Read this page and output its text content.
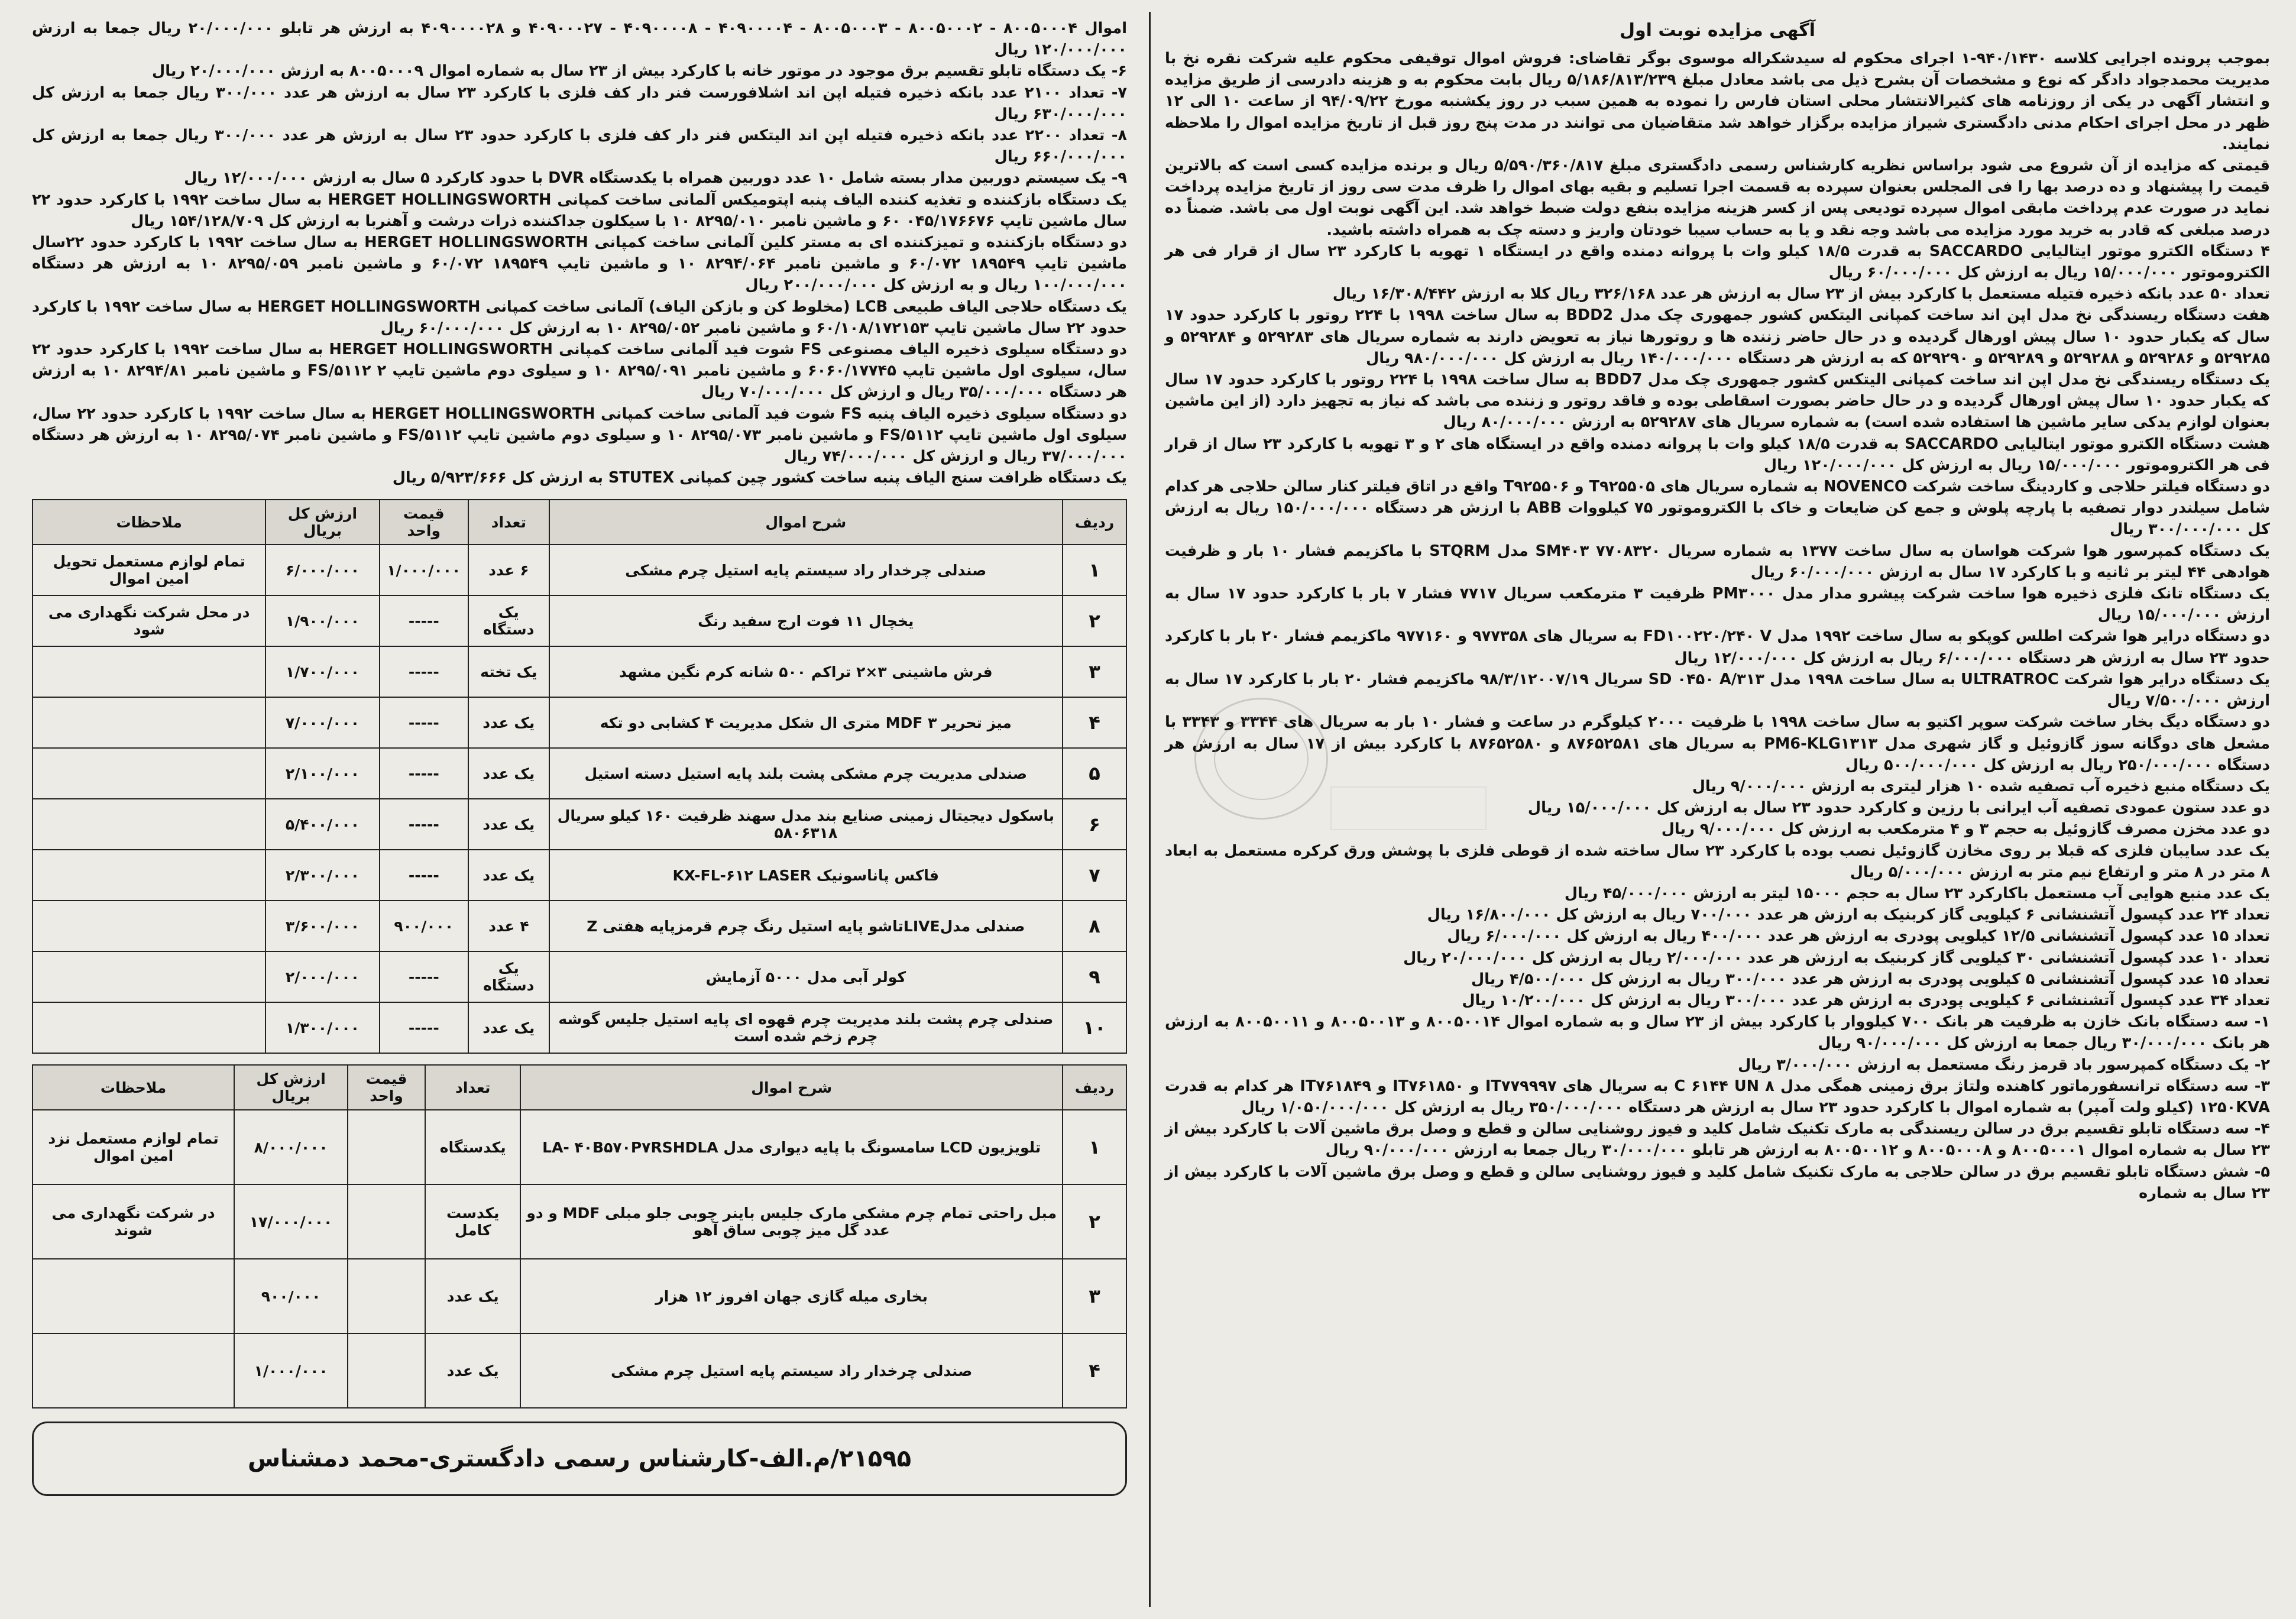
آگهی مزایده نوبت اول

بموجب پرونده اجرایی کلاسه ۹۴۰/۱۴۳۰-۱ اجرای محکوم له سیدشکراله موسوی بوگر تقاضای: فروش اموال توقیفی محکوم علیه شرکت نقره نخ با مدیریت محمدجواد دادگر که نوع و مشخصات آن بشرح ذیل می باشد معادل مبلغ ۵/۱۸۶/۸۱۳/۲۳۹ ریال بابت محکوم به و هزینه دادرسی از طریق مزایده و انتشار آگهی در یکی از روزنامه های کثیرالانتشار محلی استان فارس را نموده به همین سبب در روز یکشنبه مورخ ۹۴/۰۹/۲۲ از ساعت ۱۰ الی ۱۲ ظهر در محل اجرای احکام مدنی دادگستری شیراز مزایده برگزار خواهد شد متقاضیان می توانند در مدت پنج روز قبل از تاریخ مزایده اموال را ملاحظه نمایند.

قیمتی که مزایده از آن شروع می شود براساس نظریه کارشناس رسمی دادگستری مبلغ ۵/۵۹۰/۳۶۰/۸۱۷ ریال و برنده مزایده کسی است که بالاترین قیمت را پیشنهاد و ده درصد بها را فی المجلس بعنوان سپرده به قسمت اجرا تسلیم و بقیه بهای اموال را ظرف مدت سی روز از تاریخ مزایده پرداخت نماید در صورت عدم پرداخت مابقی اموال سپرده تودیعی پس از کسر هزینه مزایده بنفع دولت ضبط خواهد شد. این آگهی نوبت اول می باشد. ضمناً ده درصد مبلغی که قادر به خرید مورد مزایده می باشد وجه نقد و یا به حساب سیبا خودتان واریز و دسته چک به همراه داشته باشید.

۴ دستگاه الکترو موتور ایتالیایی SACCARDO به قدرت ۱۸/۵ کیلو وات با پروانه دمنده واقع در ایستگاه ۱ تهویه با کارکرد ۲۳ سال از قرار فی هر الکتروموتور ۱۵/۰۰۰/۰۰۰ ریال به ارزش کل ۶۰/۰۰۰/۰۰۰ ریال

تعداد ۵۰ عدد بانکه ذخیره فتیله مستعمل با کارکرد بیش از ۲۳ سال به ارزش هر عدد ۳۲۶/۱۶۸ ریال کلا به ارزش ۱۶/۳۰۸/۴۴۲ ریال

هفت دستگاه ریسندگی نخ مدل اپن اند ساخت کمپانی الیتکس کشور جمهوری چک مدل BDD2 به سال ساخت ۱۹۹۸ با ۲۲۴ روتور با کارکرد حدود ۱۷ سال که یکبار حدود ۱۰ سال پیش اورهال گردیده و در حال حاضر زننده ها و روتورها نیاز به تعویض دارند به شماره سریال های ۵۲۹۲۸۳ و ۵۲۹۲۸۴ و ۵۲۹۲۸۵ و ۵۲۹۲۸۶ و ۵۲۹۲۸۸ و ۵۲۹۲۸۹ و ۵۲۹۲۹۰ که به ارزش هر دستگاه ۱۴۰/۰۰۰/۰۰۰ ریال به ارزش کل ۹۸۰/۰۰۰/۰۰۰ ریال

یک دستگاه ریسندگی نخ مدل اپن اند ساخت کمپانی الیتکس کشور جمهوری چک مدل BDD7 به سال ساخت ۱۹۹۸ با ۲۲۴ روتور با کارکرد حدود ۱۷ سال که یکبار حدود ۱۰ سال پیش اورهال گردیده و در حال حاضر بصورت اسقاطی بوده و فاقد روتور و زننده می باشد که نیاز به تجهیز دارد (از این ماشین بعنوان لوازم یدکی سایر ماشین ها استفاده شده است) به شماره سریال های ۵۲۹۲۸۷ به ارزش ۸۰/۰۰۰/۰۰۰ ریال

هشت دستگاه الکترو موتور ایتالیایی SACCARDO به قدرت ۱۸/۵ کیلو وات با پروانه دمنده واقع در ایستگاه های ۲ و ۳ تهویه با کارکرد ۲۳ سال از قرار فی هر الکتروموتور ۱۵/۰۰۰/۰۰۰ ریال به ارزش کل ۱۲۰/۰۰۰/۰۰۰ ریال

دو دستگاه فیلتر حلاجی و کاردینگ ساخت شرکت NOVENCO به شماره سریال های T۹۲۵۵۰۵ و T۹۲۵۵۰۶ واقع در اتاق فیلتر کنار سالن حلاجی هر کدام شامل سیلندر دوار تصفیه با پارچه پلوش و جمع کن ضایعات و خاک با الکتروموتور ۷۵ کیلووات ABB با ارزش هر دستگاه ۱۵۰/۰۰۰/۰۰۰ ریال به ارزش کل ۳۰۰/۰۰۰/۰۰۰ ریال

یک دستگاه کمپرسور هوا شرکت هواسان به سال ساخت ۱۳۷۷ به شماره سریال ۷۷۰۸۳۲۰ SM۴۰۳ مدل STQRM با ماکزیمم فشار ۱۰ بار و ظرفیت هوادهی ۴۴ لیتر بر ثانیه و با کارکرد ۱۷ سال به ارزش ۶۰/۰۰۰/۰۰۰ ریال

یک دستگاه تانک فلزی ذخیره هوا ساخت شرکت پیشرو مدار مدل PM۳۰۰۰ ظرفیت ۳ مترمکعب سریال ۷۷۱۷ فشار ۷ بار با کارکرد حدود ۱۷ سال به ارزش ۱۵/۰۰۰/۰۰۰ ریال

دو دستگاه درایر هوا شرکت اطلس کوپکو به سال ساخت ۱۹۹۲ مدل FD۱۰۰۲۲۰/۲۴۰ V به سریال های ۹۷۷۳۵۸ و ۹۷۷۱۶۰ ماکزیمم فشار ۲۰ بار با کارکرد حدود ۲۳ سال به ارزش هر دستگاه ۶/۰۰۰/۰۰۰ ریال به ارزش کل ۱۲/۰۰۰/۰۰۰ ریال

یک دستگاه درایر هوا شرکت ULTRATROC به سال ساخت ۱۹۹۸ مدل SD ۰۴۵۰ A/۳۱۳ سریال ۹۸/۳/۱۲۰۰۷/۱۹ ماکزیمم فشار ۲۰ بار با کارکرد ۱۷ سال به ارزش ۷/۵۰۰/۰۰۰ ریال

دو دستگاه دیگ بخار ساخت شرکت سوپر اکتیو به سال ساخت ۱۹۹۸ با ظرفیت ۲۰۰۰ کیلوگرم در ساعت و فشار ۱۰ بار به سریال های ۳۳۴۴ و ۳۳۴۳ با مشعل های دوگانه سوز گازوئیل و گاز شهری مدل PM6-KLG۱۳۱۳ به سریال های ۸۷۶۵۲۵۸۱ و ۸۷۶۵۲۵۸۰ با کارکرد بیش از ۱۷ سال به ارزش هر دستگاه ۲۵۰/۰۰۰/۰۰۰ ریال به ارزش کل ۵۰۰/۰۰۰/۰۰۰ ریال

یک دستگاه منبع ذخیره آب تصفیه شده ۱۰ هزار لیتری به ارزش ۹/۰۰۰/۰۰۰ ریال

دو عدد ستون عمودی تصفیه آب ایرانی با رزین و کارکرد حدود ۲۳ سال به ارزش کل ۱۵/۰۰۰/۰۰۰ ریال

دو عدد مخزن مصرف گازوئیل به حجم ۳ و ۴ مترمکعب به ارزش کل ۹/۰۰۰/۰۰۰ ریال

یک عدد سایبان فلزی که قبلا بر روی مخازن گازوئیل نصب بوده با کارکرد ۲۳ سال ساخته شده از قوطی فلزی با پوشش ورق کرکره مستعمل به ابعاد ۸ متر در ۸ متر و ارتفاع نیم متر به ارزش ۵/۰۰۰/۰۰۰ ریال

یک عدد منبع هوایی آب مستعمل باکارکرد ۲۳ سال به حجم ۱۵۰۰۰ لیتر به ارزش ۴۵/۰۰۰/۰۰۰ ریال

تعداد ۲۴ عدد کپسول آتشنشانی ۶ کیلویی گاز کربنیک به ارزش هر عدد ۷۰۰/۰۰۰ ریال به ارزش کل ۱۶/۸۰۰/۰۰۰ ریال

تعداد ۱۵ عدد کپسول آتشنشانی ۱۲/۵ کیلویی پودری به ارزش هر عدد ۴۰۰/۰۰۰ ریال به ارزش کل ۶/۰۰۰/۰۰۰ ریال

تعداد ۱۰ عدد کپسول آتشنشانی ۳۰ کیلویی گاز کربنیک به ارزش هر عدد ۲/۰۰۰/۰۰۰ ریال به ارزش کل ۲۰/۰۰۰/۰۰۰ ریال

تعداد ۱۵ عدد کپسول آتشنشانی ۵ کیلویی پودری به ارزش هر عدد ۳۰۰/۰۰۰ ریال به ارزش کل ۴/۵۰۰/۰۰۰ ریال

تعداد ۳۴ عدد کپسول آتشنشانی ۶ کیلویی پودری به ارزش هر عدد ۳۰۰/۰۰۰ ریال به ارزش کل ۱۰/۲۰۰/۰۰۰ ریال

۱- سه دستگاه بانک خازن به ظرفیت هر بانک ۷۰۰ کیلووار با کارکرد بیش از ۲۳ سال و به شماره اموال ۸۰۰۵۰۰۱۴ و ۸۰۰۵۰۰۱۳ و ۸۰۰۵۰۰۱۱ به ارزش هر بانک ۳۰/۰۰۰/۰۰۰ ریال جمعا به ارزش کل ۹۰/۰۰۰/۰۰۰ ریال

۲- یک دستگاه کمپرسور باد قرمز رنگ مستعمل به ارزش ۳/۰۰۰/۰۰۰ ریال

۳- سه دستگاه ترانسفورماتور کاهنده ولتاژ برق زمینی همگی مدل C ۶۱۴۴ UN ۸ به سریال های IT۷۷۹۹۹۷ و IT۷۶۱۸۵۰ و IT۷۶۱۸۴۹ هر کدام به قدرت ۱۲۵۰KVA (کیلو ولت آمپر) به شماره اموال با کارکرد حدود ۲۳ سال به ارزش هر دستگاه ۳۵۰/۰۰۰/۰۰۰ ریال به ارزش کل ۱/۰۵۰/۰۰۰/۰۰۰ ریال

۴- سه دستگاه تابلو تقسیم برق در سالن ریسندگی به مارک تکنیک شامل کلید و فیوز روشنایی سالن و قطع و وصل برق ماشین آلات با کارکرد بیش از ۲۳ سال به شماره اموال ۸۰۰۵۰۰۰۱ و ۸۰۰۵۰۰۰۸ و ۸۰۰۵۰۰۱۲ به ارزش هر تابلو ۳۰/۰۰۰/۰۰۰ ریال جمعا به ارزش ۹۰/۰۰۰/۰۰۰ ریال

۵- شش دستگاه تابلو تقسیم برق در سالن حلاجی به مارک تکنیک شامل کلید و فیوز روشنایی سالن و قطع و وصل برق ماشین آلات با کارکرد بیش از ۲۳ سال به شماره

اموال ۸۰۰۵۰۰۰۴ - ۸۰۰۵۰۰۰۲ - ۸۰۰۵۰۰۰۳ - ۴۰۹۰۰۰۰۴ - ۴۰۹۰۰۰۰۸ - ۴۰۹۰۰۰۲۷ و ۴۰۹۰۰۰۰۲۸ به ارزش هر تابلو ۲۰/۰۰۰/۰۰۰ ریال جمعا به ارزش ۱۲۰/۰۰۰/۰۰۰ ریال

۶- یک دستگاه تابلو تقسیم برق موجود در موتور خانه با کارکرد بیش از ۲۳ سال به شماره اموال ۸۰۰۵۰۰۰۹ به ارزش ۲۰/۰۰۰/۰۰۰ ریال

۷- تعداد ۲۱۰۰ عدد بانکه ذخیره فتیله اپن اند اشلافورست فنر دار کف فلزی با کارکرد ۲۳ سال به ارزش هر عدد ۳۰۰/۰۰۰ ریال جمعا به ارزش کل ۶۳۰/۰۰۰/۰۰۰ ریال

۸- تعداد ۲۲۰۰ عدد بانکه ذخیره فتیله اپن اند الیتکس فنر دار کف فلزی با کارکرد حدود ۲۳ سال به ارزش هر عدد ۳۰۰/۰۰۰ ریال جمعا به ارزش کل ۶۶۰/۰۰۰/۰۰۰ ریال

۹- یک سیستم دوربین مدار بسته شامل ۱۰ عدد دوربین همراه با یکدستگاه DVR با حدود کارکرد ۵ سال به ارزش ۱۲/۰۰۰/۰۰۰ ریال

یک دستگاه بازکننده و تغذیه کننده الیاف پنبه اپتومیکس آلمانی ساخت کمپانی HERGET HOLLINGSWORTH به سال ساخت ۱۹۹۲ با کارکرد حدود ۲۲ سال ماشین تایپ ۰۴۵/۱۷۶۶۷۶ ۶۰ و ماشین نامبر ۸۲۹۵/۰۱۰ ۱۰ با سیکلون جداکننده ذرات درشت و آهنربا به ارزش کل ۱۵۴/۱۲۸/۷۰۹ ریال

دو دستگاه بازکننده و تمیزکننده ای به مستر کلین آلمانی ساخت کمپانی HERGET HOLLINGSWORTH به سال ساخت ۱۹۹۲ با کارکرد حدود ۲۲سال ماشین تایپ ۱۸۹۵۴۹ ۶۰/۰۷۲ و ماشین نامبر ۸۲۹۴/۰۶۴ ۱۰ و ماشین تایپ ۱۸۹۵۴۹ ۶۰/۰۷۲ و ماشین نامبر ۸۲۹۵/۰۵۹ ۱۰ به ارزش هر دستگاه ۱۰۰/۰۰۰/۰۰۰ ریال و به ارزش کل ۲۰۰/۰۰۰/۰۰۰ ریال

یک دستگاه حلاجی الیاف طبیعی LCB (مخلوط کن و بازکن الیاف) آلمانی ساخت کمپانی HERGET HOLLINGSWORTH به سال ساخت ۱۹۹۲ با کارکرد حدود ۲۲ سال ماشین تایپ ۶۰/۱۰۸/۱۷۲۱۵۳ و ماشین نامبر ۸۲۹۵/۰۵۲ ۱۰ به ارزش کل ۶۰/۰۰۰/۰۰۰ ریال

دو دستگاه سیلوی ذخیره الیاف مصنوعی FS شوت فید آلمانی ساخت کمپانی HERGET HOLLINGSWORTH به سال ساخت ۱۹۹۲ با کارکرد حدود ۲۲ سال، سیلوی اول ماشین تایپ ۶۰۶۰/۱۷۷۴۵ و ماشین نامبر ۸۲۹۵/۰۹۱ ۱۰ و سیلوی دوم ماشین تایپ FS/۵۱۱۲ ۲ و ماشین نامبر ۸۲۹۴/۸۱ ۱۰ به ارزش هر دستگاه ۳۵/۰۰۰/۰۰۰ ریال و ارزش کل ۷۰/۰۰۰/۰۰۰ ریال

دو دستگاه سیلوی ذخیره الیاف پنبه FS شوت فید آلمانی ساخت کمپانی HERGET HOLLINGSWORTH به سال ساخت ۱۹۹۲ با کارکرد حدود ۲۲ سال، سیلوی اول ماشین تایپ FS/۵۱۱۲ و ماشین نامبر ۸۲۹۵/۰۷۳ ۱۰ و سیلوی دوم ماشین تایپ FS/۵۱۱۲ و ماشین نامبر ۸۲۹۵/۰۷۴ ۱۰ به ارزش هر دستگاه ۳۷/۰۰۰/۰۰۰ ریال و ارزش کل ۷۴/۰۰۰/۰۰۰ ریال

یک دستگاه ظرافت سنج الیاف پنبه ساخت کشور چین کمپانی STUTEX به ارزش کل ۵/۹۲۳/۶۶۶ ریال

ردیف	شرح اموال	تعداد	قیمت واحد	ارزش کل بریال	ملاحظات
۱	صندلی چرخدار راد سیستم پایه استیل چرم مشکی	۶ عدد	۱/۰۰۰/۰۰۰	۶/۰۰۰/۰۰۰	تمام لوازم مستعمل تحویل امین اموال
۲	یخچال ۱۱ فوت ارج سفید رنگ	یک دستگاه	-----	۱/۹۰۰/۰۰۰	در محل شرکت نگهداری می شود
۳	فرش ماشینی ۳×۲ تراکم ۵۰۰ شانه کرم نگین مشهد	یک تخته	-----	۱/۷۰۰/۰۰۰	
۴	میز تحریر MDF ۳ متری ال شکل مدیریت ۴ کشابی دو تکه	یک عدد	-----	۷/۰۰۰/۰۰۰	
۵	صندلی مدیریت چرم مشکی پشت بلند پایه استیل دسته استیل	یک عدد	-----	۲/۱۰۰/۰۰۰	
۶	باسکول دیجیتال زمینی صنایع بند مدل سهند ظرفیت ۱۶۰ کیلو سریال ۵۸۰۶۳۱۸	یک عدد	-----	۵/۴۰۰/۰۰۰	
۷	فاکس پاناسونیک KX-FL-۶۱۲ LASER	یک عدد	-----	۲/۳۰۰/۰۰۰	
۸	صندلی مدلLIVEتاشو پایه استیل رنگ چرم قرمزپایه هفتی Z	۴ عدد	۹۰۰/۰۰۰	۳/۶۰۰/۰۰۰	
۹	کولر آبی مدل ۵۰۰۰ آزمایش	یک دستگاه	-----	۲/۰۰۰/۰۰۰	
۱۰	صندلی چرم پشت بلند مدیریت چرم قهوه ای پایه استیل جلیس گوشه چرم زخم شده است	یک عدد	-----	۱/۳۰۰/۰۰۰	
ردیف	شرح اموال	تعداد	قیمت واحد	ارزش کل بریال	ملاحظات
۱	تلویزیون LCD سامسونگ با پایه دیواری مدل LA- ۴۰B۵۷۰P۷RSHDLA	یکدستگاه		۸/۰۰۰/۰۰۰	تمام لوازم مستعمل نزد امین اموال
۲	مبل راحتی تمام چرم مشکی مارک جلیس باینر چوبی جلو مبلی MDF و دو عدد گل میز چوبی ساق آهو	یکدست کامل		۱۷/۰۰۰/۰۰۰	در شرکت نگهداری می شوند
۳	بخاری میله گازی جهان افروز ۱۲ هزار	یک عدد		۹۰۰/۰۰۰	
۴	صندلی چرخدار راد سیستم پایه استیل چرم مشکی	یک عدد		۱/۰۰۰/۰۰۰	
۲۱۵۹۵/م.الف-کارشناس رسمی دادگستری-محمد دمشناس
